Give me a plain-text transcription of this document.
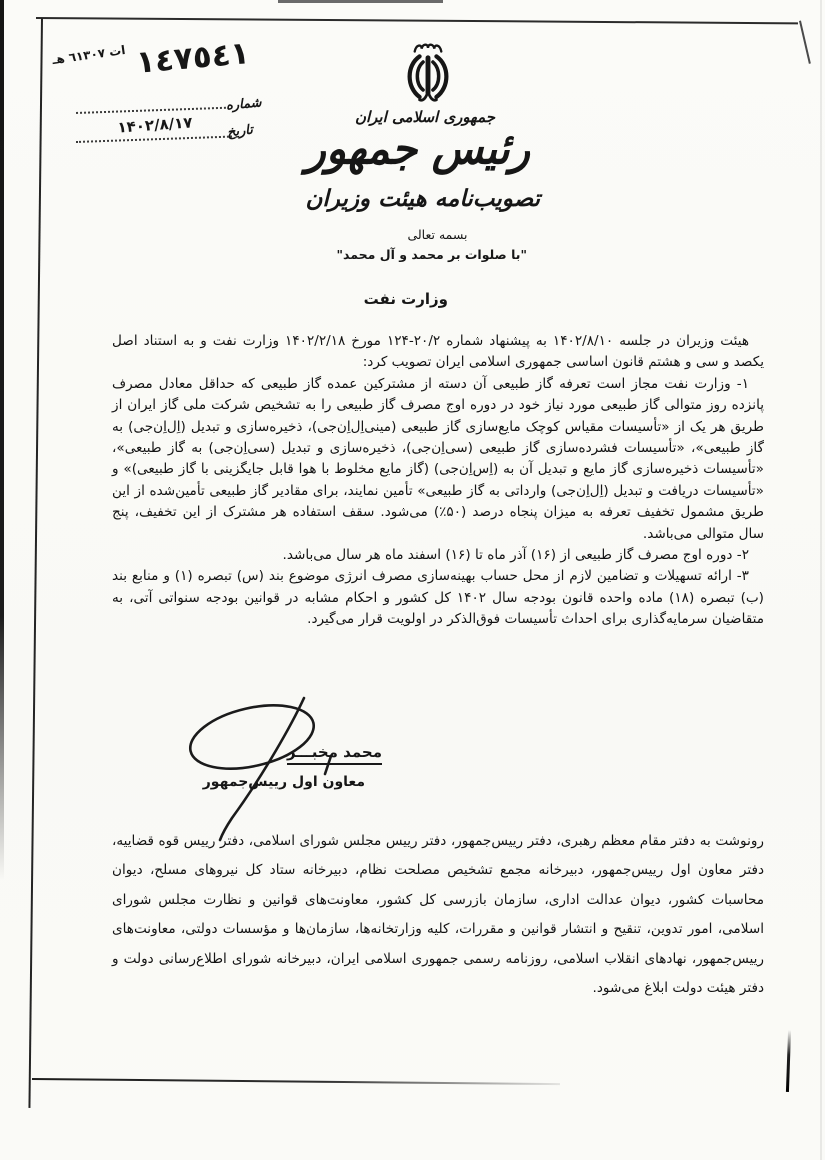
ات ٦١٣٠٧ هـ ١٤٧٥٤١
شماره
۱۴۰۲/۸/۱۷	تاریخ
جمهوری اسلامی ایران
رئیس جمهور
تصویب‌نامه هیئت وزیران
بسمه تعالی
"با صلوات بر محمد و آل محمد"
وزارت نفت

هیئت وزیران در جلسه ۱۴۰۲/۸/۱۰ به پیشنهاد شماره ۲۰/۲-۱۲۴ مورخ ۱۴۰۲/۲/۱۸ وزارت نفت و به استناد اصل یکصد و سی و هشتم قانون اساسی جمهوری اسلامی ایران تصویب کرد:

۱- وزارت نفت مجاز است تعرفه گاز طبیعی آن دسته از مشترکین عمده گاز طبیعی که حداقل معادل مصرف پانزده روز متوالی گاز طبیعی مورد نیاز خود در دوره اوج مصرف گاز طبیعی را به تشخیص شرکت ملی گاز ایران از طریق هر یک از «تأسیسات مقیاس کوچک مایع‌سازی گاز طبیعی (مینی‌اِل‌اِن‌جی)، ذخیره‌سازی و تبدیل (اِل‌اِن‌جی) به گاز طبیعی»، «تأسیسات فشرده‌سازی گاز طبیعی (سی‌اِن‌جی)، ذخیره‌سازی و تبدیل (سی‌اِن‌جی) به گاز طبیعی»، «تأسیسات ذخیره‌سازی گاز مایع و تبدیل آن به (اِس‌اِن‌جی) (گاز مایع مخلوط با هوا قابل جایگزینی با گاز طبیعی)» و «تأسیسات دریافت و تبدیل (اِل‌اِن‌جی) وارداتی به گاز طبیعی» تأمین نمایند، برای مقادیر گاز طبیعی تأمین‌شده از این طریق مشمول تخفیف تعرفه به میزان پنجاه درصد (۵۰٪) می‌شود. سقف استفاده هر مشترک از این تخفیف، پنج سال متوالی می‌باشد.

۲- دوره اوج مصرف گاز طبیعی از (۱۶) آذر ماه تا (۱۶) اسفند ماه هر سال می‌باشد.

۳- ارائه تسهیلات و تضامین لازم از محل حساب بهینه‌سازی مصرف انرژی موضوع بند (س) تبصره (۱) و منابع بند (ب) تبصره (۱۸) ماده واحده قانون بودجه سال ۱۴۰۲ کل کشور و احکام مشابه در قوانین بودجه سنواتی آتی، به متقاضیان سرمایه‌گذاری برای احداث تأسیسات فوق‌الذکر در اولویت قرار می‌گیرد.

محمد مخبـــر
معاون اول رییس‌جمهور

رونوشت به دفتر مقام معظم رهبری، دفتر رییس‌جمهور، دفتر رییس مجلس شورای اسلامی، دفتر رییس قوه قضاییه، دفتر معاون اول رییس‌جمهور، دبیرخانه مجمع تشخیص مصلحت نظام، دبیرخانه ستاد کل نیروهای مسلح، دیوان محاسبات کشور، دیوان عدالت اداری، سازمان بازرسی کل کشور، معاونت‌های قوانین و نظارت مجلس شورای اسلامی، امور تدوین، تنقیح و انتشار قوانین و مقررات، کلیه وزارتخانه‌ها، سازمان‌ها و مؤسسات دولتی، معاونت‌های رییس‌جمهور، نهادهای انقلاب اسلامی، روزنامه رسمی جمهوری اسلامی ایران، دبیرخانه شورای اطلاع‌رسانی دولت و دفتر هیئت دولت ابلاغ می‌شود.
